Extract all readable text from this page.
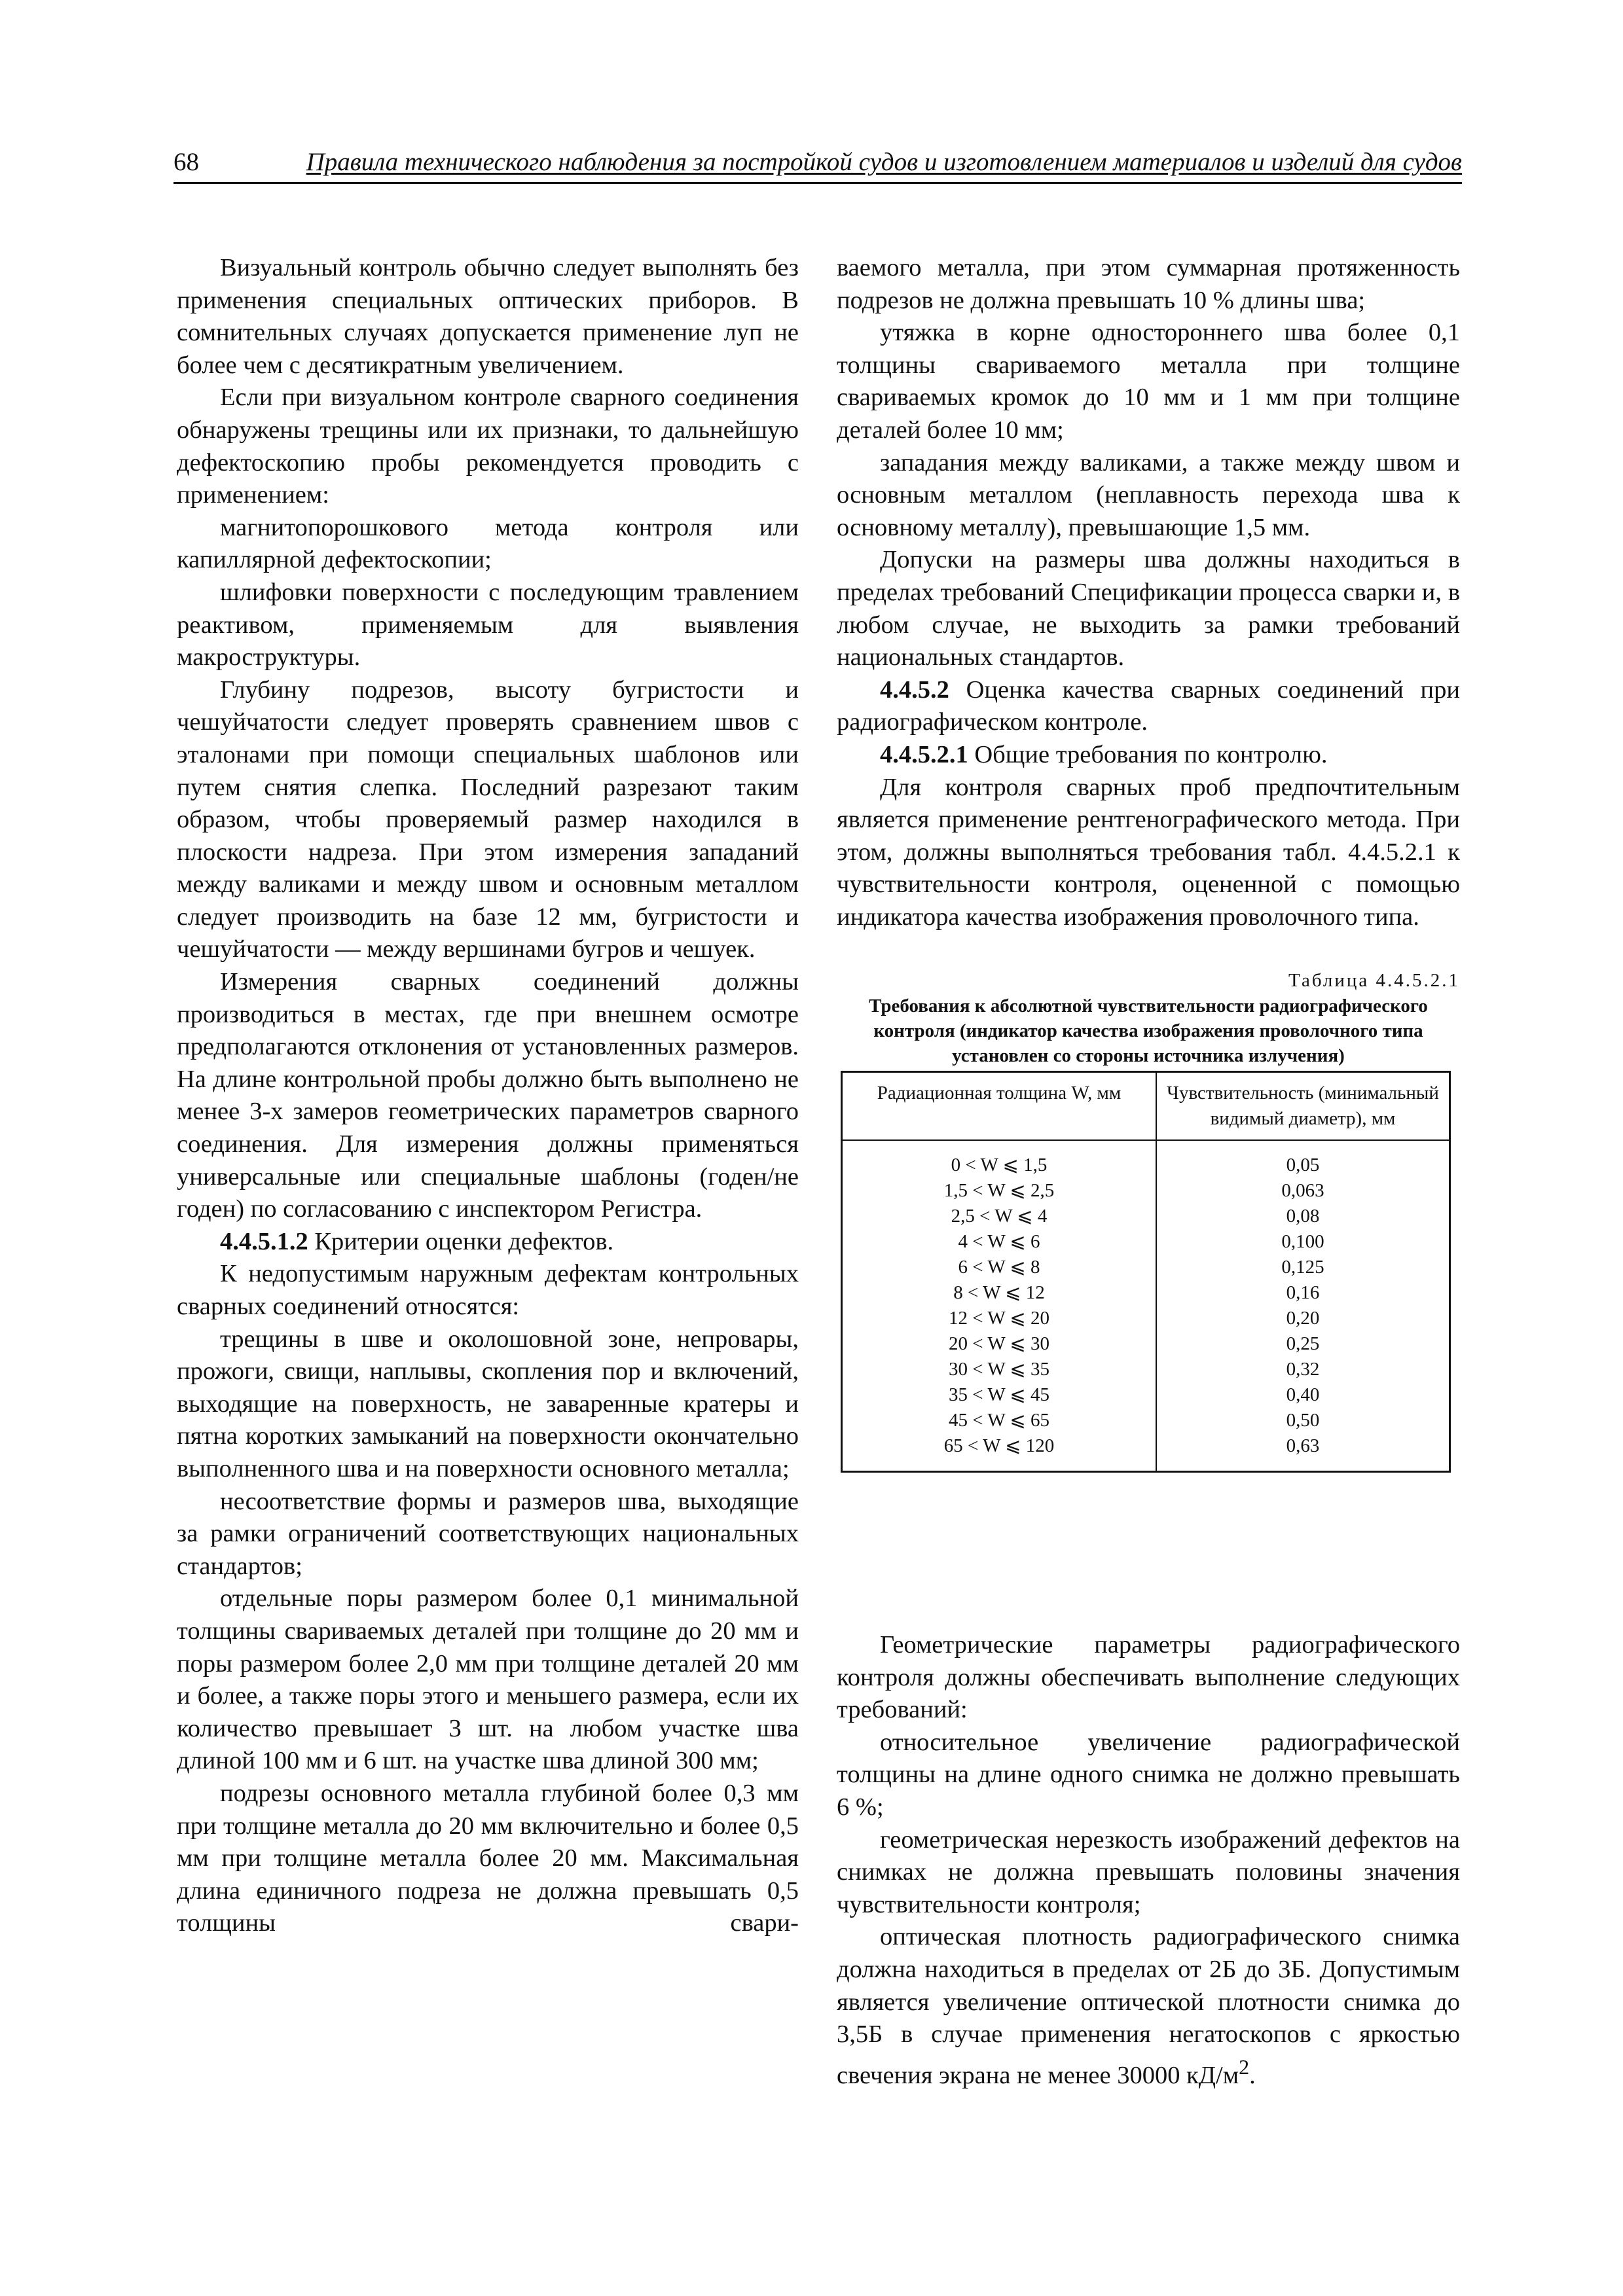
68	Правила технического наблюдения за постройкой судов и изготовлением материалов и изделий для судов

Визуальный контроль обычно следует выполнять без применения специальных оптических приборов. В сомнительных случаях допускается применение луп не более чем с десятикратным увеличением.

Если при визуальном контроле сварного соединения обнаружены трещины или их признаки, то дальнейшую дефектоскопию пробы рекомендуется проводить с применением:

магнитопорошкового метода контроля или капиллярной дефектоскопии;

шлифовки поверхности с последующим травлением реактивом, применяемым для выявления макроструктуры.

Глубину подрезов, высоту бугристости и чешуйчатости следует проверять сравнением швов с эталонами при помощи специальных шаблонов или путем снятия слепка. Последний разрезают таким образом, чтобы проверяемый размер находился в плоскости надреза. При этом измерения западаний между валиками и между швом и основным металлом следует производить на базе 12 мм, бугристости и чешуйчатости — между вершинами бугров и чешуек.

Измерения сварных соединений должны производиться в местах, где при внешнем осмотре предполагаются отклонения от установленных размеров. На длине контрольной пробы должно быть выполнено не менее 3-х замеров геометрических параметров сварного соединения. Для измерения должны применяться универсальные или специальные шаблоны (годен/не годен) по согласованию с инспектором Регистра.

4.4.5.1.2 Критерии оценки дефектов.

К недопустимым наружным дефектам контрольных сварных соединений относятся:

трещины в шве и околошовной зоне, непровары, прожоги, свищи, наплывы, скопления пор и включений, выходящие на поверхность, не заваренные кратеры и пятна коротких замыканий на поверхности окончательно выполненного шва и на поверхности основного металла;

несоответствие формы и размеров шва, выходящие за рамки ограничений соответствующих национальных стандартов;

отдельные поры размером более 0,1 минимальной толщины свариваемых деталей при толщине до 20 мм и поры размером более 2,0 мм при толщине деталей 20 мм и более, а также поры этого и меньшего размера, если их количество превышает 3 шт. на любом участке шва длиной 100 мм и 6 шт. на участке шва длиной 300 мм;

подрезы основного металла глубиной более 0,3 мм при толщине металла до 20 мм включительно и более 0,5 мм при толщине металла более 20 мм. Максимальная длина единичного подреза не должна превышать 0,5 толщины свари-

ваемого металла, при этом суммарная протяженность подрезов не должна превышать 10 % длины шва;

утяжка в корне одностороннего шва более 0,1 толщины свариваемого металла при толщине свариваемых кромок до 10 мм и 1 мм при толщине деталей более 10 мм;

западания между валиками, а также между швом и основным металлом (неплавность перехода шва к основному металлу), превышающие 1,5 мм.

Допуски на размеры шва должны находиться в пределах требований Спецификации процесса сварки и, в любом случае, не выходить за рамки требований национальных стандартов.

4.4.5.2 Оценка качества сварных соединений при радиографическом контроле.

4.4.5.2.1 Общие требования по контролю.

Для контроля сварных проб предпочтительным является применение рентгенографического метода. При этом, должны выполняться требования табл. 4.4.5.2.1 к чувствительности контроля, оцененной с помощью индикатора качества изображения проволочного типа.

Таблица 4.4.5.2.1
Требования к абсолютной чувствительности радиографического контроля (индикатор качества изображения проволочного типа установлен со стороны источника излучения)
Радиационная толщина W, мм	Чувствительность (минимальный видимый диаметр), мм
0 < W ⩽ 1,5	0,05
1,5 < W ⩽ 2,5	0,063
2,5 < W ⩽ 4	0,08
4 < W ⩽ 6	0,100
6 < W ⩽ 8	0,125
8 < W ⩽ 12	0,16
12 < W ⩽ 20	0,20
20 < W ⩽ 30	0,25
30 < W ⩽ 35	0,32
35 < W ⩽ 45	0,40
45 < W ⩽ 65	0,50
65 < W ⩽ 120	0,63

Геометрические параметры радиографического контроля должны обеспечивать выполнение следующих требований:

относительное увеличение радиографической толщины на длине одного снимка не должно превышать 6 %;

геометрическая нерезкость изображений дефектов на снимках не должна превышать половины значения чувствительности контроля;

оптическая плотность радиографического снимка должна находиться в пределах от 2Б до 3Б. Допустимым является увеличение оптической плотности снимка до 3,5Б в случае применения негатоскопов с яркостью свечения экрана не менее 30000 $кД/м^2$.
